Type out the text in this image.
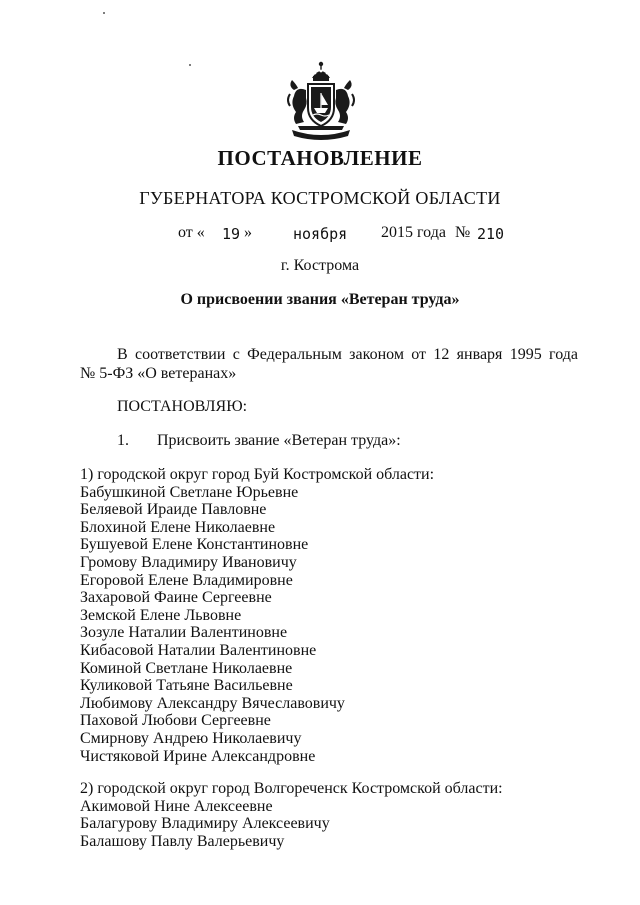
ПОСТАНОВЛЕНИЕ
ГУБЕРНАТОРА КОСТРОМСКОЙ ОБЛАСТИ
от « 19 »	ноября 2015 года № 210
г. Кострома
О присвоении звания «Ветеран труда»
В соответствии с Федеральным законом от 12 января 1995 года
№ 5-ФЗ «О ветеранах»
ПОСТАНОВЛЯЮ:
1. Присвоить звание «Ветеран труда»:
1) городской округ город Буй Костромской области:
Бабушкиной Светлане Юрьевне
Беляевой Ираиде Павловне
Блохиной Елене Николаевне
Бушуевой Елене Константиновне
Громову Владимиру Ивановичу
Егоровой Елене Владимировне
Захаровой Фаине Сергеевне
Земской Елене Львовне
Зозуле Наталии Валентиновне
Кибасовой Наталии Валентиновне
Коминой Светлане Николаевне
Куликовой Татьяне Васильевне
Любимову Александру Вячеславовичу
Паховой Любови Сергеевне
Смирнову Андрею Николаевичу
Чистяковой Ирине Александровне
2) городской округ город Волгореченск Костромской области:
Акимовой Нине Алексеевне
Балагурову Владимиру Алексеевичу
Балашову Павлу Валерьевичу
